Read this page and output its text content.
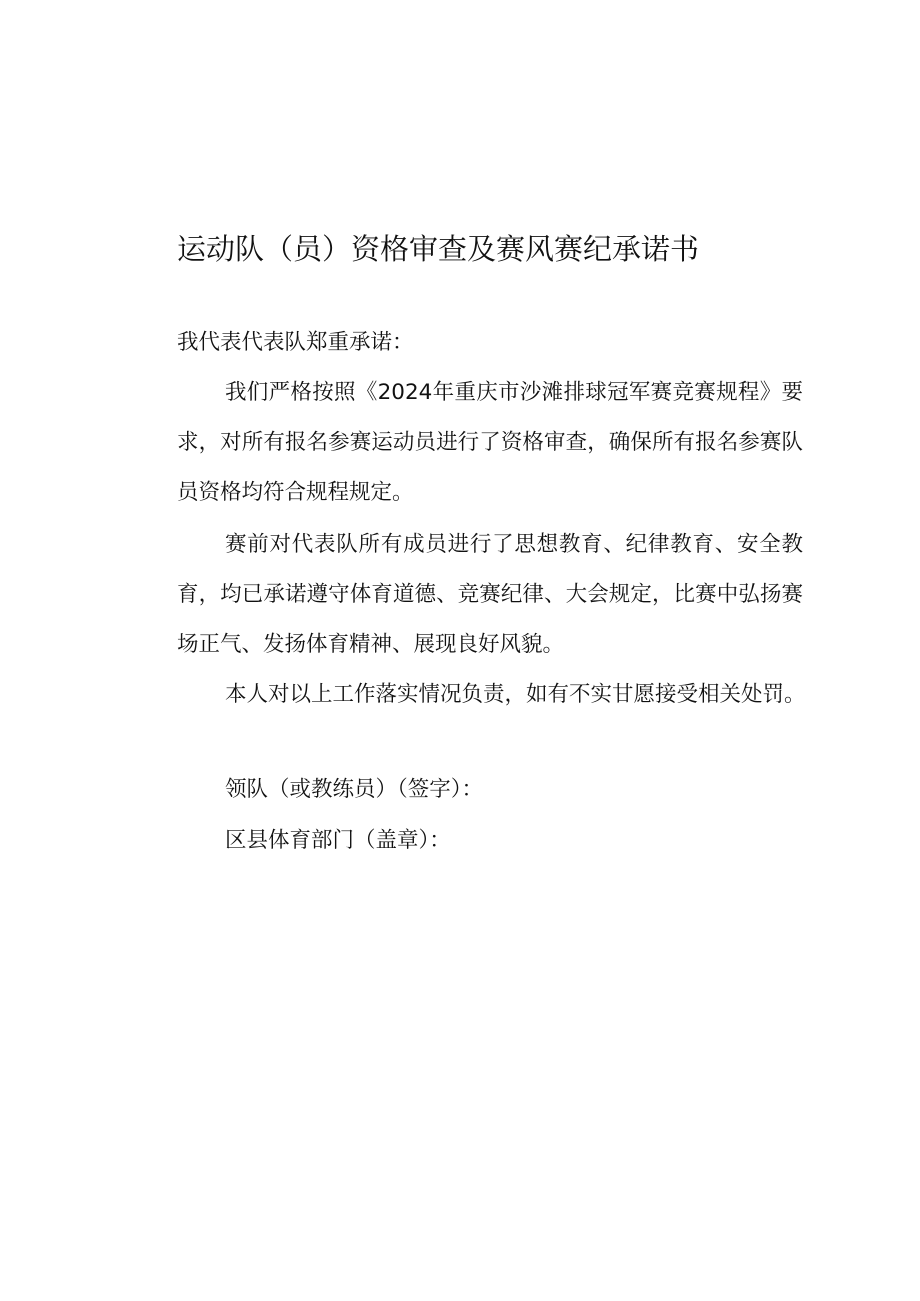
运动队（员）资格审查及赛风赛纪承诺书

我代表代表队郑重承诺：

我们严格按照《2024年重庆市沙滩排球冠军赛竞赛规程》要求，对所有报名参赛运动员进行了资格审查，确保所有报名参赛队员资格均符合规程规定。

赛前对代表队所有成员进行了思想教育、纪律教育、安全教育，均已承诺遵守体育道德、竞赛纪律、大会规定，比赛中弘扬赛场正气、发扬体育精神、展现良好风貌。

本人对以上工作落实情况负责，如有不实甘愿接受相关处罚。

领队（或教练员）（签字）：

区县体育部门（盖章）：
